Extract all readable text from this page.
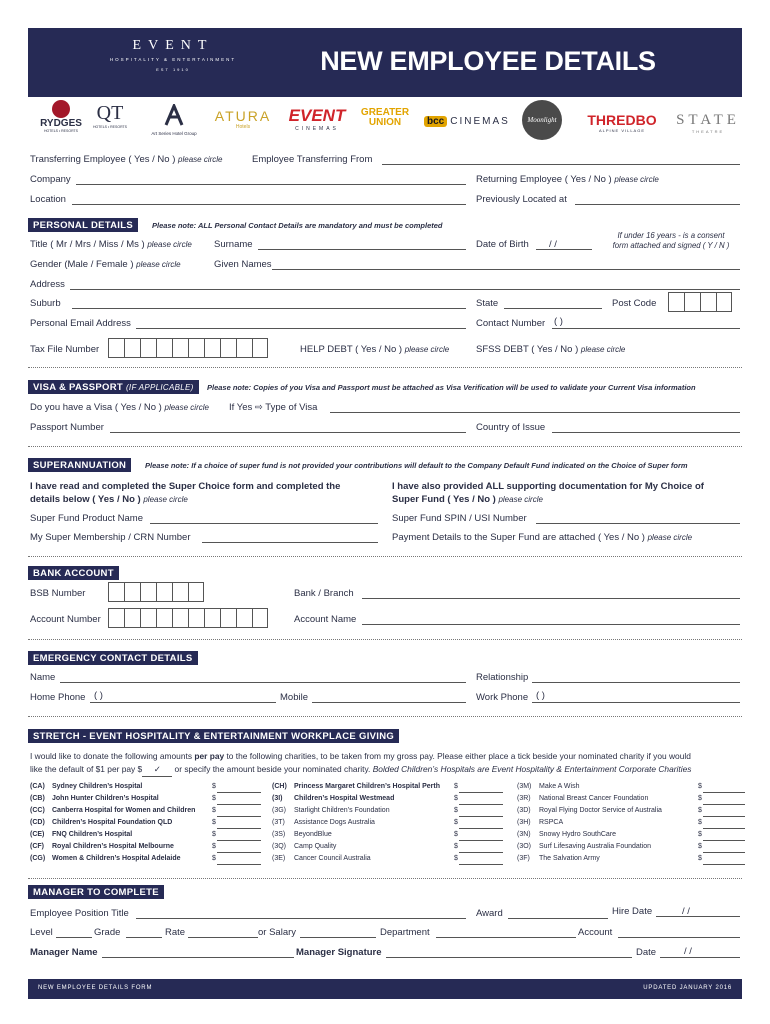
EVENT
HOSPITALITY & ENTERTAINMENT
EST 1910	NEW EMPLOYEE DETAILS
RYDGES
HOTELS • RESORTS
QT
HOTELS • RESORTS
Art Series Hotel Group
ATURA
Hotels
EVENT
CINEMAS
GREATER UNION	bcc CINEMAS	Moonlight	THREDBO
ALPINE VILLAGE
STATE
THEATRE
Transferring Employee ( Yes / No ) please circle	Employee Transferring From
Company	Returning Employee ( Yes / No ) please circle
Location	Previously Located at
PERSONAL DETAILS	Please note: ALL Personal Contact Details are mandatory and must be completed
Title ( Mr / Mrs / Miss / Ms ) please circle Surname	Date of Birth / /
If under 16 years - is a consent
form attached and signed ( Y / N )
Gender (Male / Female ) please circle	Given Names
Address
Suburb	State	Post Code
Personal Email Address	Contact Number ( )
Tax File Number	HELP DEBT ( Yes / No ) please circle	SFSS DEBT ( Yes / No ) please circle
VISA & PASSPORT (IF APPLICABLE)	Please note: Copies of you Visa and Passport must be attached as Visa Verification will be used to validate your Current Visa information
Do you have a Visa ( Yes / No ) please circle If Yes ⇨ Type of Visa
Passport Number	Country of Issue
SUPERANNUATION	Please note: If a choice of super fund is not provided your contributions will default to the Company Default Fund indicated on the Choice of Super form
I have read and completed the Super Choice form and completed the
details below ( Yes / No ) please circle
I have also provided ALL supporting documentation for My Choice of
Super Fund ( Yes / No ) please circle
Super Fund Product Name	Super Fund SPIN / USI Number
My Super Membership / CRN Number	Payment Details to the Super Fund are attached ( Yes / No ) please circle
BANK ACCOUNT
BSB Number	Bank / Branch
Account Number	Account Name
EMERGENCY CONTACT DETAILS
Name	Relationship
Home Phone ( )	Mobile	Work Phone ( )
STRETCH - EVENT HOSPITALITY & ENTERTAINMENT WORKPLACE GIVING
I would like to donate the following amounts per pay to the following charities, to be taken from my gross pay. Please either place a tick beside your nominated charity if you would
like the default of $1 per pay $ ✓ or specify the amount beside your nominated charity. Bolded Children’s Hospitals are Event Hospitality & Entertainment Corporate Charities
(CA) Sydney Children’s Hospital	$
(CB) John Hunter Children’s Hospital	$
(CC) Canberra Hospital for Women and Children $
(CD) Children’s Hospital Foundation QLD	$
(CE) FNQ Children’s Hospital	$
(CF) Royal Children’s Hospital Melbourne	$
(CG) Women & Children’s Hospital Adelaide	$
(CH) Princess Margaret Children’s Hospital Perth $
(3I) Children’s Hospital Westmead	$
(3G) Starlight Children’s Foundation	$
(3T) Assistance Dogs Australia	$
(3S) BeyondBlue	$
(3Q) Camp Quality	$
(3E) Cancer Council Australia	$
(3M) Make A Wish	$
(3R) National Breast Cancer Foundation	$
(3D) Royal Flying Doctor Service of Australia	$
(3H) RSPCA	$
(3N) Snowy Hydro SouthCare	$
(3O) Surf Lifesaving Australia Foundation	$
(3F) The Salvation Army	$
MANAGER TO COMPLETE
Employee Position Title	Award	Hire Date	/ /
Level	Grade	Rate	or Salary	Department	Account
Manager Name	Manager Signature	Date	/ /
NEW EMPLOYEE DETAILS FORM	UPDATED JANUARY 2016
